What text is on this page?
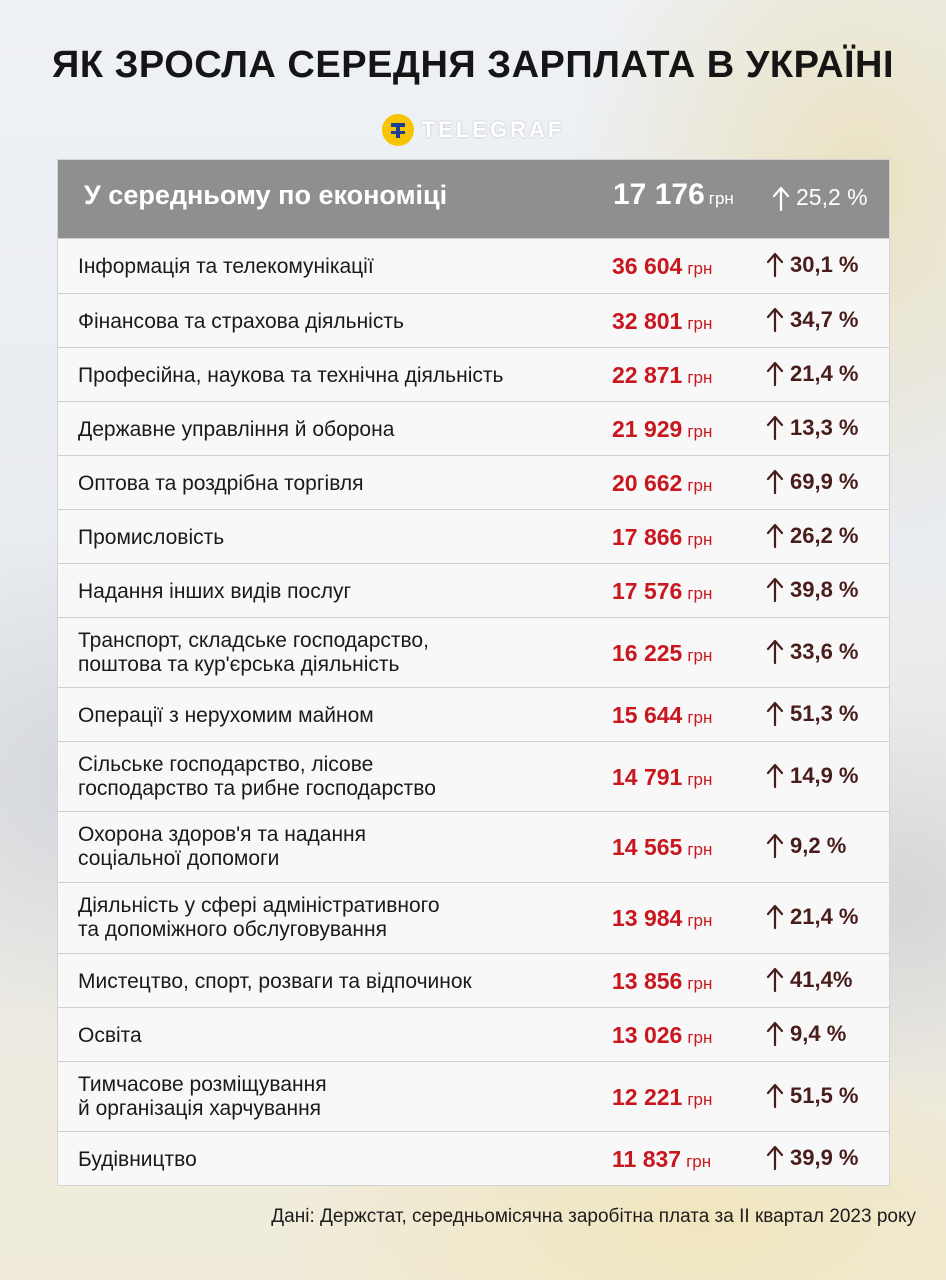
ЯК ЗРОСЛА СЕРЕДНЯ ЗАРПЛАТА В УКРАЇНІ
TELEGRAF
У середньому по економіці	17 176 грн	25,2 %
Інформація та телекомунікації	36 604 грн	30,1 %
Фінансова та страхова діяльність	32 801 грн	34,7 %
Професійна, наукова та технічна діяльність	22 871 грн	21,4 %
Державне управління й оборона	21 929 грн	13,3 %
Оптова та роздрібна торгівля	20 662 грн	69,9 %
Промисловість	17 866 грн	26,2 %
Надання інших видів послуг	17 576 грн	39,8 %
Транспорт, складське господарство,
поштова та кур'єрська діяльність	16 225 грн	33,6 %
Операції з нерухомим майном	15 644 грн	51,3 %
Сільське господарство, лісове
господарство та рибне господарство	14 791 грн	14,9 %
Охорона здоров'я та надання
соціальної допомоги	14 565 грн	9,2 %
Діяльність у сфері адміністративного
та допоміжного обслуговування	13 984 грн	21,4 %
Мистецтво, спорт, розваги та відпочинок	13 856 грн	41,4%
Освіта	13 026 грн	9,4 %
Тимчасове розміщування
й організація харчування	12 221 грн	51,5 %
Будівництво	11 837 грн	39,9 %
Дані: Держстат, середньомісячна заробітна плата за II квартал 2023 року
